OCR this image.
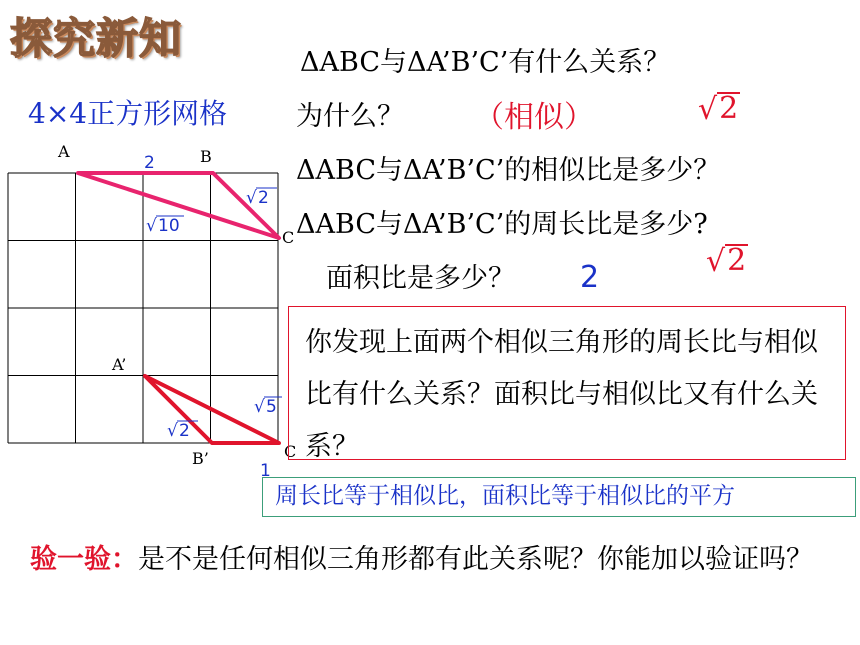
探究新知
4×4正方形网格
A	B
C
A’
B’	C
2
√ 2
√ 10
√ 2
√ 5
1
ΔABC与ΔA’B’C’有什么关系？
为什么？ （相似）	√ 2
ΔABC与ΔA’B’C’的相似比是多少？
ΔABC与ΔA’B’C’的周长比是多少?
面积比是多少？ 2	√ 2
你发现上面两个相似三角形的周长比与相似比有什么关系？面积比与相似比又有什么关系？
周长比等于相似比，面积比等于相似比的平方
验一验：是不是任何相似三角形都有此关系呢？你能加以验证吗？
